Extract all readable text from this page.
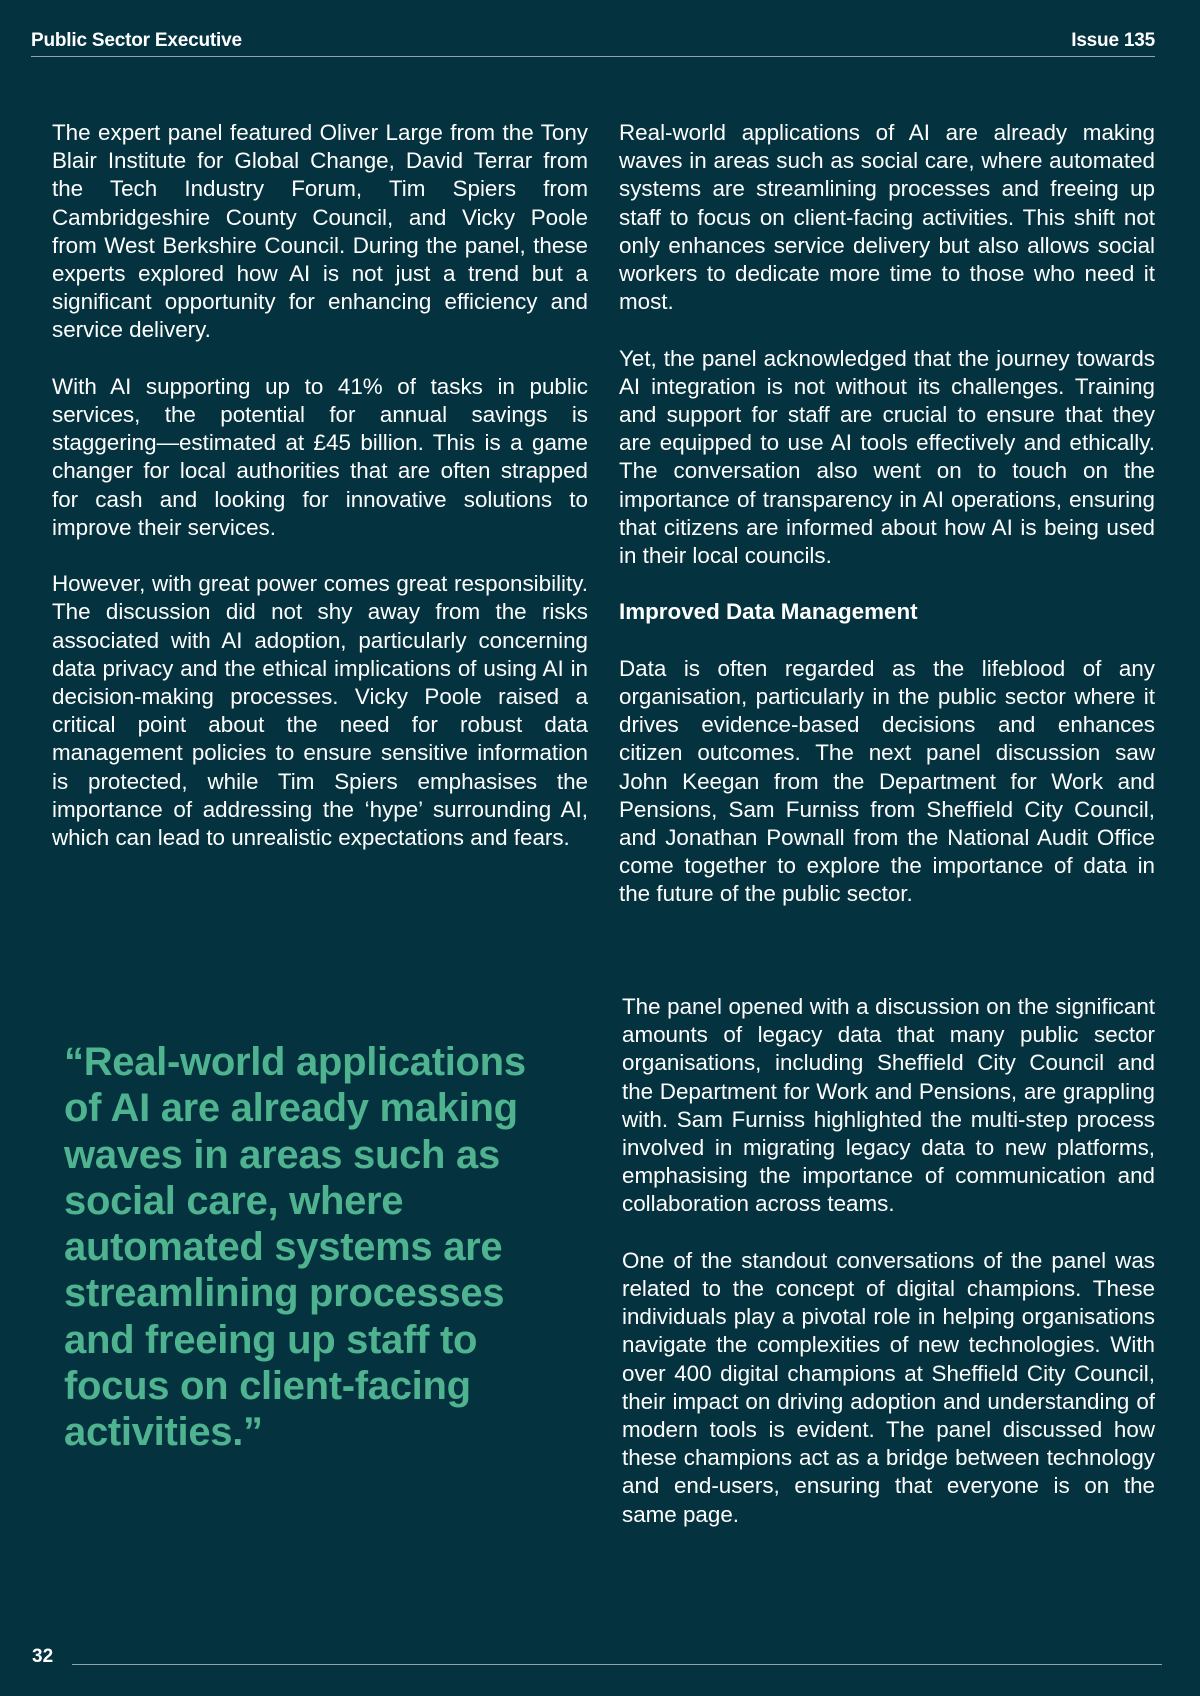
Public Sector Executive	Issue 135

The expert panel featured Oliver Large from the Tony Blair Institute for Global Change, David Terrar from the Tech Industry Forum, Tim Spiers from Cambridgeshire County Council, and Vicky Poole from West Berkshire Council. During the panel, these experts explored how AI is not just a trend but a significant opportunity for enhancing efficiency and service delivery.

With AI supporting up to 41% of tasks in public services, the potential for annual savings is staggering—estimated at £45 billion. This is a game changer for local authorities that are often strapped for cash and looking for innovative solutions to improve their services.

However, with great power comes great responsibility. The discussion did not shy away from the risks associated with AI adoption, particularly concerning data privacy and the ethical implications of using AI in decision-making processes. Vicky Poole raised a critical point about the need for robust data management policies to ensure sensitive information is protected, while Tim Spiers emphasises the importance of addressing the ‘hype’ surrounding AI, which can lead to unrealistic expectations and fears.

“Real-world applications of AI are already making waves in areas such as social care, where automated systems are streamlining processes and freeing up staff to focus on client-facing activities.”

Real-world applications of AI are already making waves in areas such as social care, where automated systems are streamlining processes and freeing up staff to focus on client-facing activities. This shift not only enhances service delivery but also allows social workers to dedicate more time to those who need it most.

Yet, the panel acknowledged that the journey towards AI integration is not without its challenges. Training and support for staff are crucial to ensure that they are equipped to use AI tools effectively and ethically. The conversation also went on to touch on the importance of transparency in AI operations, ensuring that citizens are informed about how AI is being used in their local councils.

Improved Data Management

Data is often regarded as the lifeblood of any organisation, particularly in the public sector where it drives evidence-based decisions and enhances citizen outcomes. The next panel discussion saw John Keegan from the Department for Work and Pensions, Sam Furniss from Sheffield City Council, and Jonathan Pownall from the National Audit Office come together to explore the importance of data in the future of the public sector.

The panel opened with a discussion on the significant amounts of legacy data that many public sector organisations, including Sheffield City Council and the Department for Work and Pensions, are grappling with. Sam Furniss highlighted the multi-step process involved in migrating legacy data to new platforms, emphasising the importance of communication and collaboration across teams.

One of the standout conversations of the panel was related to the concept of digital champions. These individuals play a pivotal role in helping organisations navigate the complexities of new technologies. With over 400 digital champions at Sheffield City Council, their impact on driving adoption and understanding of modern tools is evident. The panel discussed how these champions act as a bridge between technology and end-users, ensuring that everyone is on the same page.

32
